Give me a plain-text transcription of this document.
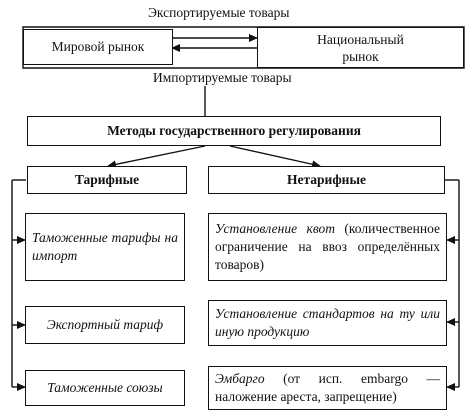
Экспортируемые товары
Мировой рынок	Национальный
рынок
Импортируемые товары
Методы государственного регулирования
Тарифные	Нетарифные
Таможенные тарифы на импорт
Экспортный тариф
Таможенные союзы
Установление квот (количественное ограничение на ввоз определённых товаров)
Установление стандартов на ту или иную продукцию
Эмбарго (от исп. embargo — наложение ареста, запрещение)
